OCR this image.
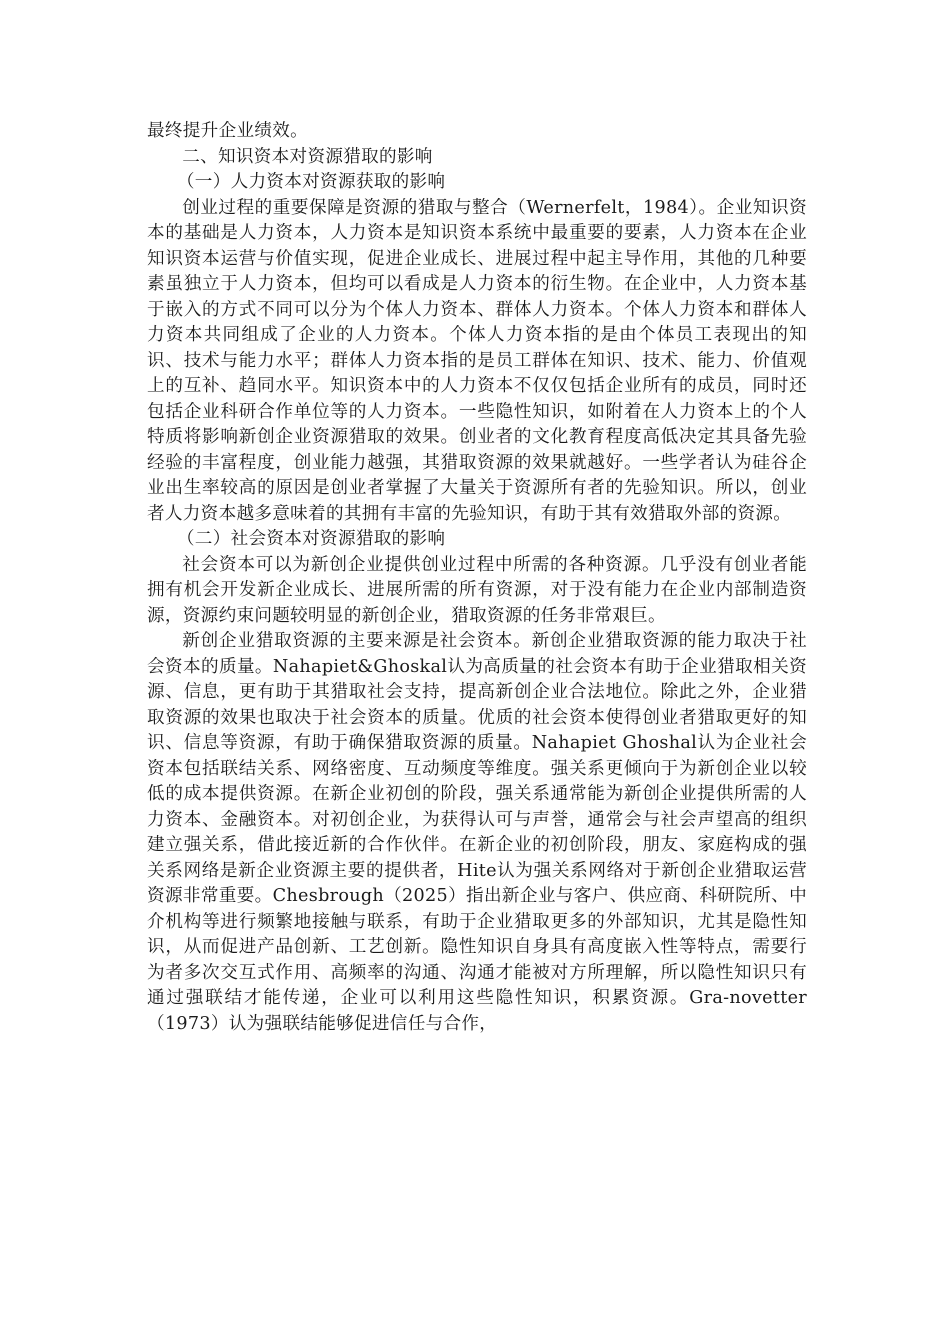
最终提升企业绩效。

二、知识资本对资源猎取的影响

（一）人力资本对资源获取的影响

创业过程的重要保障是资源的猎取与整合（Wernerfelt，1984）。企业知识资本的基础是人力资本，人力资本是知识资本系统中最重要的要素，人力资本在企业知识资本运营与价值实现，促进企业成长、进展过程中起主导作用，其他的几种要素虽独立于人力资本，但均可以看成是人力资本的衍生物。在企业中，人力资本基于嵌入的方式不同可以分为个体人力资本、群体人力资本。个体人力资本和群体人力资本共同组成了企业的人力资本。个体人力资本指的是由个体员工表现出的知识、技术与能力水平；群体人力资本指的是员工群体在知识、技术、能力、价值观上的互补、趋同水平。知识资本中的人力资本不仅仅包括企业所有的成员，同时还包括企业科研合作单位等的人力资本。一些隐性知识，如附着在人力资本上的个人特质将影响新创企业资源猎取的效果。创业者的文化教育程度高低决定其具备先验经验的丰富程度，创业能力越强，其猎取资源的效果就越好。一些学者认为硅谷企业出生率较高的原因是创业者掌握了大量关于资源所有者的先验知识。所以，创业者人力资本越多意味着的其拥有丰富的先验知识，有助于其有效猎取外部的资源。

（二）社会资本对资源猎取的影响

社会资本可以为新创企业提供创业过程中所需的各种资源。几乎没有创业者能拥有机会开发新企业成长、进展所需的所有资源，对于没有能力在企业内部制造资源，资源约束问题较明显的新创企业，猎取资源的任务非常艰巨。

新创企业猎取资源的主要来源是社会资本。新创企业猎取资源的能力取决于社会资本的质量。Nahapiet&Ghoskal认为高质量的社会资本有助于企业猎取相关资源、信息，更有助于其猎取社会支持，提高新创企业合法地位。除此之外，企业猎取资源的效果也取决于社会资本的质量。优质的社会资本使得创业者猎取更好的知识、信息等资源，有助于确保猎取资源的质量。Nahapiet Ghoshal认为企业社会资本包括联结关系、网络密度、互动频度等维度。强关系更倾向于为新创企业以较低的成本提供资源。在新企业初创的阶段，强关系通常能为新创企业提供所需的人力资本、金融资本。对初创企业，为获得认可与声誉，通常会与社会声望高的组织建立强关系，借此接近新的合作伙伴。在新企业的初创阶段，朋友、家庭构成的强关系网络是新企业资源主要的提供者，Hite认为强关系网络对于新创企业猎取运营资源非常重要。Chesbrough（2025）指出新企业与客户、供应商、科研院所、中介机构等进行频繁地接触与联系，有助于企业猎取更多的外部知识，尤其是隐性知识，从而促进产品创新、工艺创新。隐性知识自身具有高度嵌入性等特点，需要行为者多次交互式作用、高频率的沟通、沟通才能被对方所理解，所以隐性知识只有通过强联结才能传递，企业可以利用这些隐性知识，积累资源。Gra-novetter（1973）认为强联结能够促进信任与合作，
